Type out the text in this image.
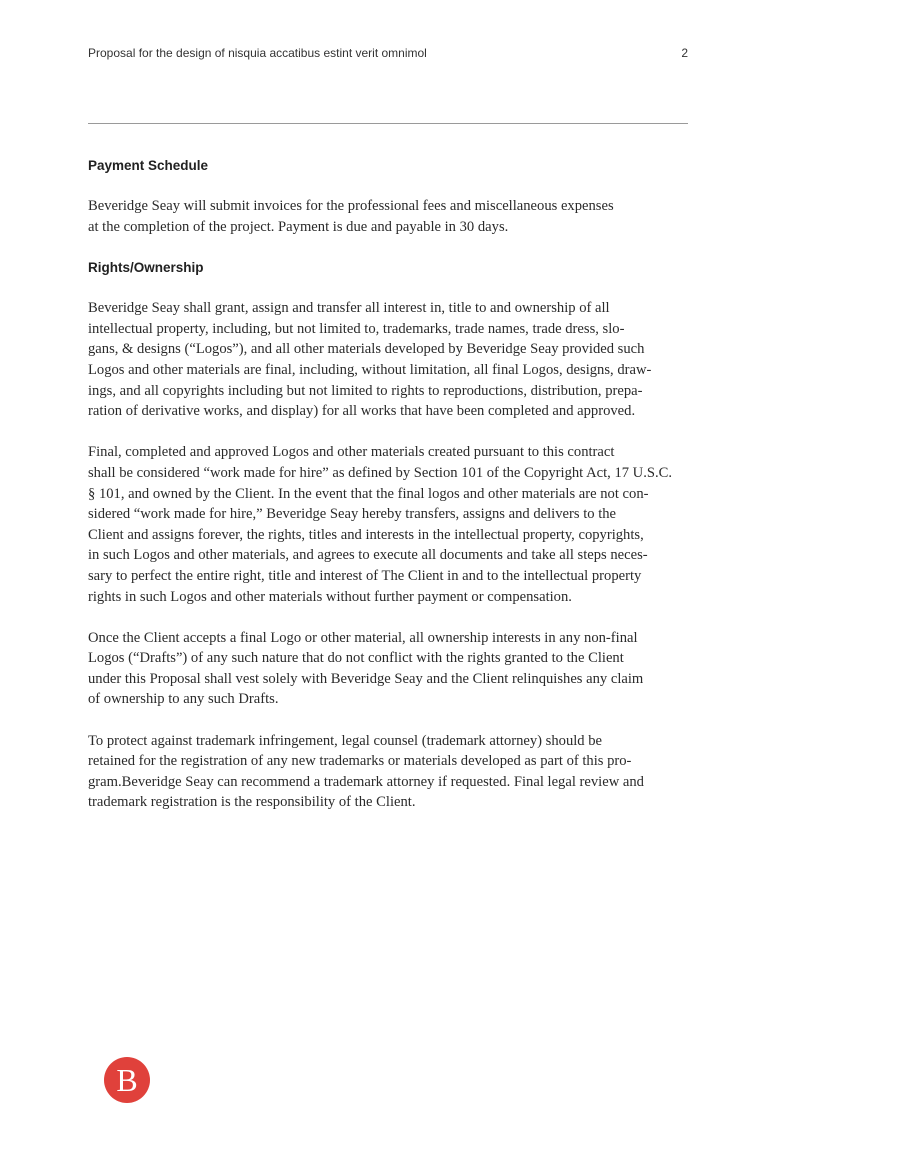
Proposal for the design of nisquia accatibus estint verit omnimol	2
Payment Schedule

Beveridge Seay will submit invoices for the professional fees and miscellaneous expenses
at the completion of the project. Payment is due and payable in 30 days.

Rights/Ownership

Beveridge Seay shall grant, assign and transfer all interest in, title to and ownership of all
intellectual property, including, but not limited to, trademarks, trade names, trade dress, slo-
gans, & designs (“Logos”), and all other materials developed by Beveridge Seay provided such
Logos and other materials are final, including, without limitation, all final Logos, designs, draw-
ings, and all copyrights including but not limited to rights to reproductions, distribution, prepa-
ration of derivative works, and display) for all works that have been completed and approved.

Final, completed and approved Logos and other materials created pursuant to this contract
shall be considered “work made for hire” as defined by Section 101 of the Copyright Act, 17 U.S.C.
§ 101, and owned by the Client. In the event that the final logos and other materials are not con-
sidered “work made for hire,” Beveridge Seay hereby transfers, assigns and delivers to the
Client and assigns forever, the rights, titles and interests in the intellectual property, copyrights,
in such Logos and other materials, and agrees to execute all documents and take all steps neces-
sary to perfect the entire right, title and interest of The Client in and to the intellectual property
rights in such Logos and other materials without further payment or compensation.

Once the Client accepts a final Logo or other material, all ownership interests in any non-final
Logos (“Drafts”) of any such nature that do not conflict with the rights granted to the Client
under this Proposal shall vest solely with Beveridge Seay and the Client relinquishes any claim
of ownership to any such Drafts.

To protect against trademark infringement, legal counsel (trademark attorney) should be
retained for the registration of any new trademarks or materials developed as part of this pro-
gram.Beveridge Seay can recommend a trademark attorney if requested. Final legal review and
trademark registration is the responsibility of the Client.

B
